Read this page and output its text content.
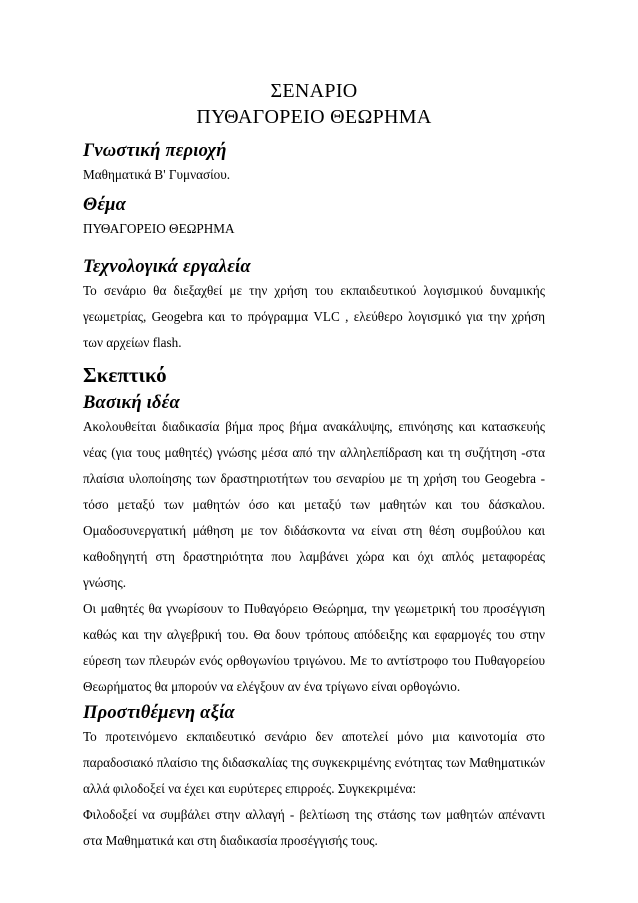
ΣΕΝΑΡΙΟ
ΠΥΘΑΓΟΡΕΙΟ ΘΕΩΡΗΜΑ
Γνωστική περιοχή

Μαθηματικά Β' Γυμνασίου.

Θέμα

ΠΥΘΑΓΟΡΕΙΟ ΘΕΩΡΗΜΑ

Τεχνολογικά εργαλεία

Το σενάριο θα διεξαχθεί με την χρήση του εκπαιδευτικού λογισμικού δυναμικής γεωμετρίας, Geogebra και το πρόγραμμα VLC , ελεύθερο λογισμικό για την χρήση των αρχείων flash.

Σκεπτικό
Βασική ιδέα

Ακολουθείται διαδικασία βήμα προς βήμα ανακάλυψης, επινόησης και κατασκευής νέας (για τους μαθητές) γνώσης μέσα από την αλληλεπίδραση και τη συζήτηση -στα πλαίσια υλοποίησης των δραστηριοτήτων του σεναρίου με τη χρήση του Geogebra - τόσο μεταξύ των μαθητών όσο και μεταξύ των μαθητών και του δάσκαλου. Ομαδοσυνεργατική μάθηση με τον διδάσκοντα να είναι στη θέση συμβούλου και καθοδηγητή στη δραστηριότητα που λαμβάνει χώρα και όχι απλός μεταφορέας γνώσης.

Οι μαθητές θα γνωρίσουν το Πυθαγόρειο Θεώρημα, την γεωμετρική του προσέγγιση καθώς και την αλγεβρική του. Θα δουν τρόπους απόδειξης και εφαρμογές του στην εύρεση των πλευρών ενός ορθογωνίου τριγώνου. Με το αντίστροφο του Πυθαγορείου Θεωρήματος θα μπορούν να ελέγξουν αν ένα τρίγωνο είναι ορθογώνιο.

Προστιθέμενη αξία

Το προτεινόμενο εκπαιδευτικό σενάριο δεν αποτελεί μόνο μια καινοτομία στο παραδοσιακό πλαίσιο της διδασκαλίας της συγκεκριμένης ενότητας των Μαθηματικών αλλά φιλοδοξεί να έχει και ευρύτερες επιρροές. Συγκεκριμένα:

Φιλοδοξεί να συμβάλει στην αλλαγή - βελτίωση της στάσης των μαθητών απέναντι στα Μαθηματικά και στη διαδικασία προσέγγισής τους.
